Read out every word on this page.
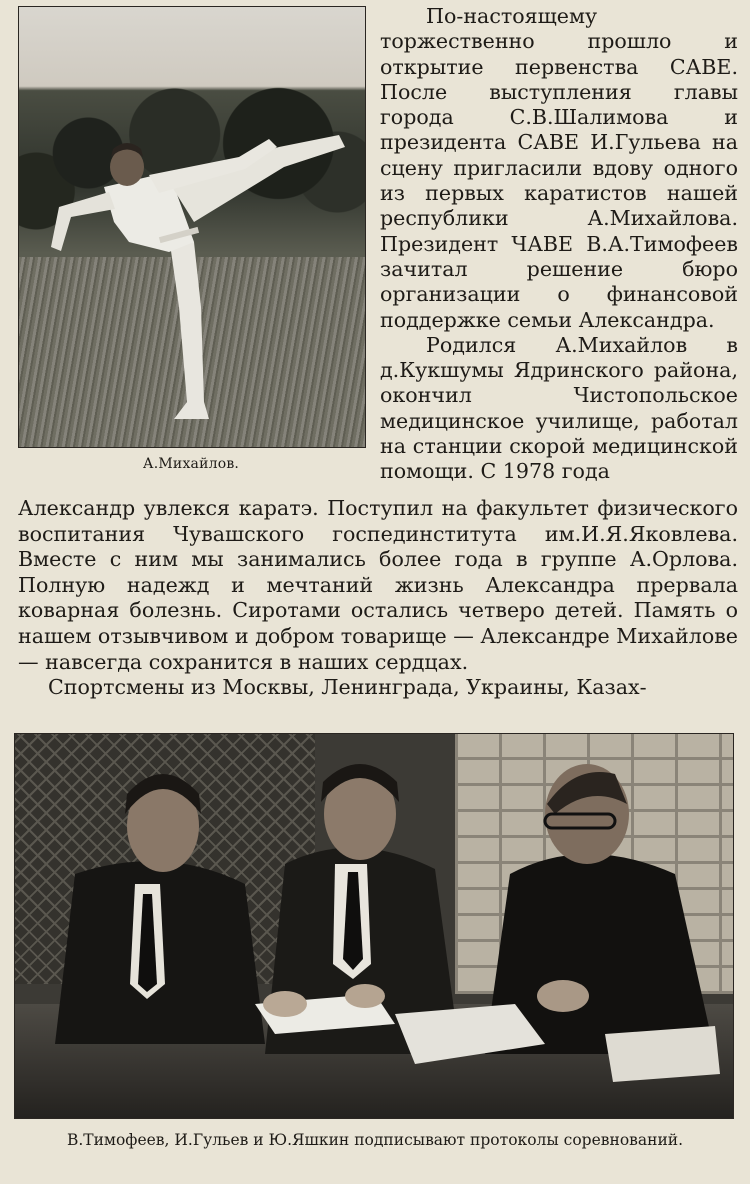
А.Михайлов.

По-настоящему торжественно прошло и открытие первенства САВЕ. После выступления главы города С.В.Шалимова и президента САВЕ И.Гульева на сцену пригласили вдову одного из первых каратистов нашей республики А.Михайлова. Президент ЧАВЕ В.А.Тимофеев зачитал решение бюро организации о финансовой поддержке семьи Александра.

Родился А.Михайлов в д.Кукшумы Ядринского района, окончил Чистопольское медицинское училище, работал на станции скорой медицинской помощи. С 1978 года

Александр увлекся каратэ. Поступил на факультет физического воспитания Чувашского госпединститута им.И.Я.Яковлева. Вместе с ним мы занимались более года в группе А.Орлова. Полную надежд и мечтаний жизнь Александра прервала коварная болезнь. Сиротами остались четверо детей. Память о нашем отзывчивом и добром товарище — Александре Михайлове — навсегда сохранится в наших сердцах.

Спортсмены из Москвы, Ленинграда, Украины, Казах-

В.Тимофеев, И.Гульев и Ю.Яшкин подписывают протоколы соревнований.
